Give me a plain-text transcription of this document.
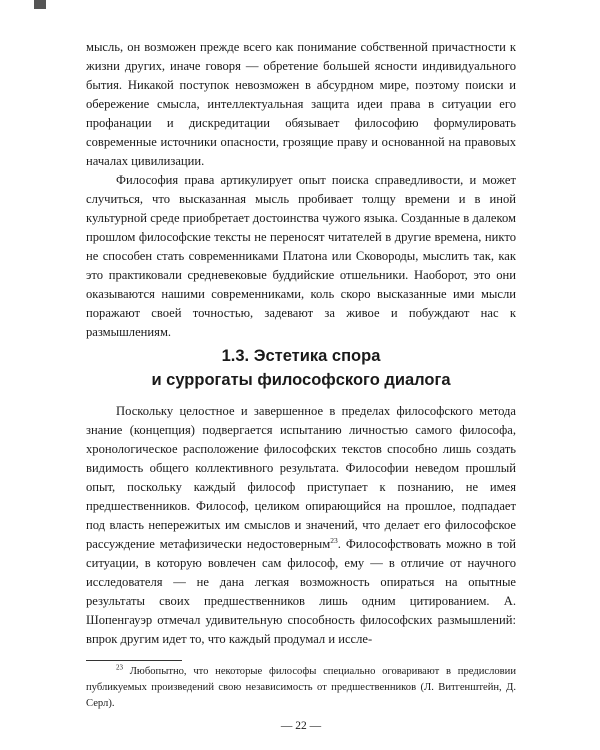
мысль, он возможен прежде всего как понимание собственной причастности к жизни других, иначе говоря — обретение большей ясности индивидуального бытия. Никакой поступок невозможен в абсурдном мире, поэтому поиски и обережение смысла, интеллектуальная защита идеи права в ситуации его профанации и дискредитации обязывает философию формулировать современные источники опасности, грозящие праву и основанной на правовых началах цивилизации.

Философия права артикулирует опыт поиска справедливости, и может случиться, что высказанная мысль пробивает толщу времени и в иной культурной среде приобретает достоинства чужого языка. Созданные в далеком прошлом философские тексты не переносят читателей в другие времена, никто не способен стать современниками Платона или Сковороды, мыслить так, как это практиковали средневековые буддийские отшельники. Наоборот, это они оказываются нашими современниками, коль скоро высказанные ими мысли поражают своей точностью, задевают за живое и побуждают нас к размышлениям.

1.3. Эстетика спора
и суррогаты философского диалога

Поскольку целостное и завершенное в пределах философского метода знание (концепция) подвергается испытанию личностью самого философа, хронологическое расположение философских текстов способно лишь создать видимость общего коллективного результата. Философии неведом прошлый опыт, поскольку каждый философ приступает к познанию, не имея предшественников. Философ, целиком опирающийся на прошлое, подпадает под власть непережитых им смыслов и значений, что делает его философское рассуждение метафизически недостоверным$^{23}$. Философствовать можно в той ситуации, в которую вовлечен сам философ, ему — в отличие от научного исследователя — не дана легкая возможность опираться на опытные результаты своих предшественников лишь одним цитированием. А. Шопенгауэр отмечал удивительную способность философских размышлений: впрок другим идет то, что каждый продумал и иссле-

$^{23}$ Любопытно, что некоторые философы специально оговаривают в предисловии публикуемых произведений свою независимость от предшественников (Л. Витгенштейн, Д. Серл).

— 22 —
